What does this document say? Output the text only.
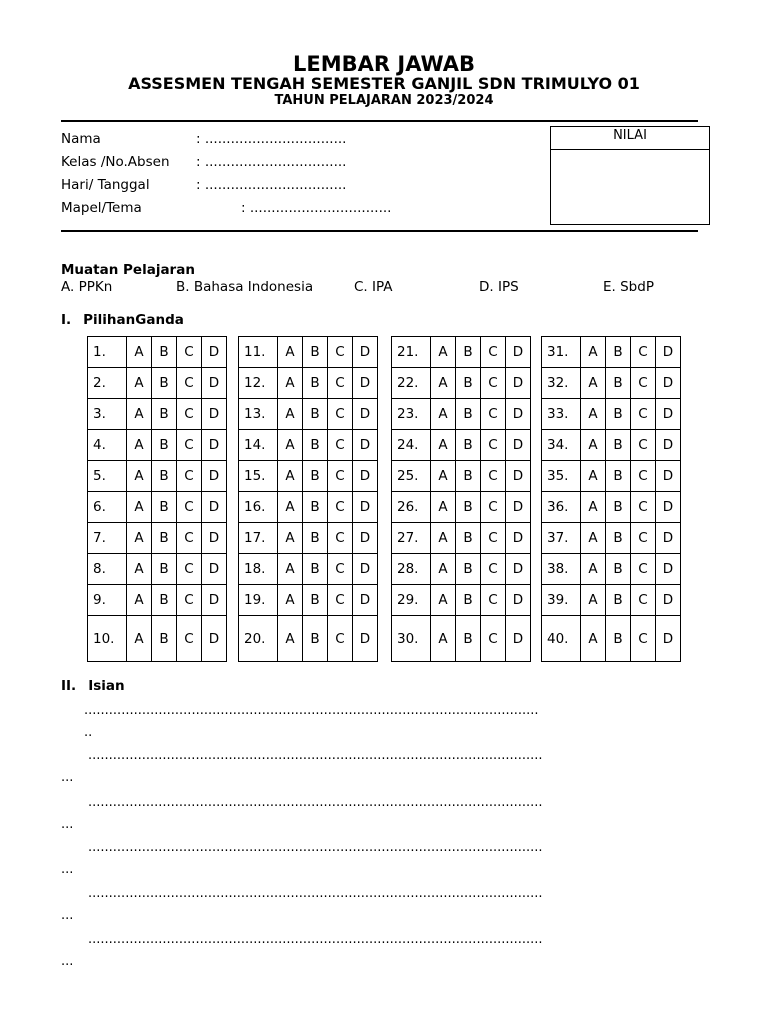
LEMBAR JAWAB
ASSESMEN TENGAH SEMESTER GANJIL SDN TRIMULYO 01
TAHUN PELAJARAN 2023/2024
Nama	: .................................
Kelas /No.Absen : .................................
Hari/ Tanggal	: .................................
Mapel/Tema	: .................................
NILAI
Muatan Pelajaran
A. PPKn	B. Bahasa Indonesia	C. IPA	D. IPS	E. SbdP
I. PilihanGanda
1.	A	B	C	D
2.	A	B	C	D
3.	A	B	C	D
4.	A	B	C	D
5.	A	B	C	D
6.	A	B	C	D
7.	A	B	C	D
8.	A	B	C	D
9.	A	B	C	D
10.	A	B	C	D
11.	A	B	C	D
12.	A	B	C	D
13.	A	B	C	D
14.	A	B	C	D
15.	A	B	C	D
16.	A	B	C	D
17.	A	B	C	D
18.	A	B	C	D
19.	A	B	C	D
20.	A	B	C	D
21.	A	B	C	D
22.	A	B	C	D
23.	A	B	C	D
24.	A	B	C	D
25.	A	B	C	D
26.	A	B	C	D
27.	A	B	C	D
28.	A	B	C	D
29.	A	B	C	D
30.	A	B	C	D
31.	A	B	C	D
32.	A	B	C	D
33.	A	B	C	D
34.	A	B	C	D
35.	A	B	C	D
36.	A	B	C	D
37.	A	B	C	D
38.	A	B	C	D
39.	A	B	C	D
40.	A	B	C	D
II. Isian
..............................................................................................................
..
..............................................................................................................
...
..............................................................................................................
...
..............................................................................................................
...
..............................................................................................................
...
..............................................................................................................
...
